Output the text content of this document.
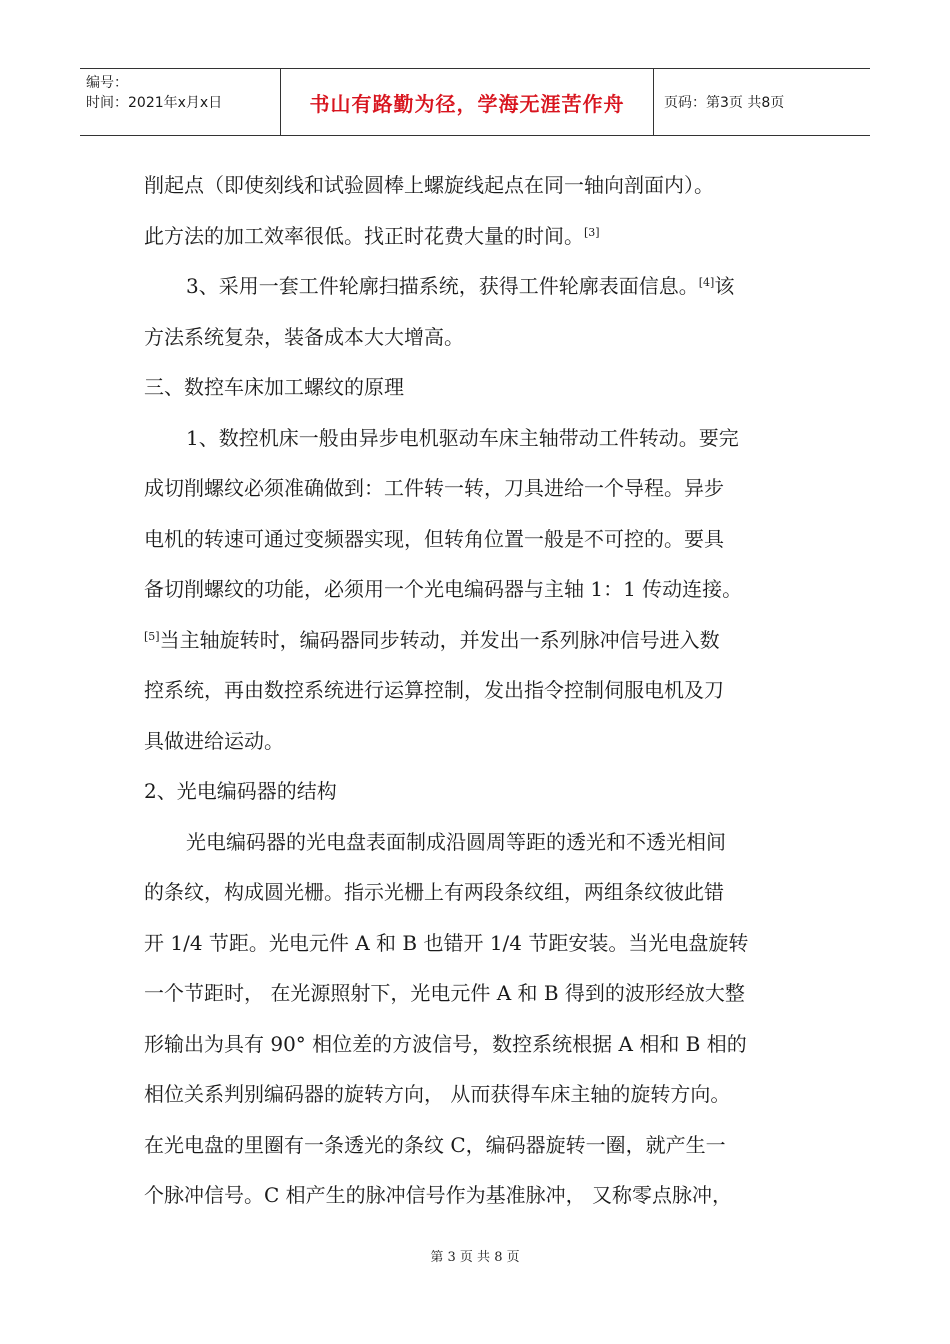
编号：
时间：2021年x月x日	书山有路勤为径，学海无涯苦作舟	页码：第3页 共8页
削起点（即使刻线和试验圆棒上螺旋线起点在同一轴向剖面内）。
此方法的加工效率很低。找正时花费大量的时间。[3]
3、采用一套工件轮廓扫描系统，获得工件轮廓表面信息。[4]该
方法系统复杂，装备成本大大增高。
三、数控车床加工螺纹的原理
1、数控机床一般由异步电机驱动车床主轴带动工件转动。要完
成切削螺纹必须准确做到：工件转一转，刀具进给一个导程。异步
电机的转速可通过变频器实现，但转角位置一般是不可控的。要具
备切削螺纹的功能，必须用一个光电编码器与主轴 1：1 传动连接。
[5]当主轴旋转时，编码器同步转动，并发出一系列脉冲信号进入数
控系统，再由数控系统进行运算控制，发出指令控制伺服电机及刀
具做进给运动。
2、光电编码器的结构
光电编码器的光电盘表面制成沿圆周等距的透光和不透光相间
的条纹，构成圆光栅。指示光栅上有两段条纹组，两组条纹彼此错
开 1/4 节距。光电元件 A 和 B 也错开 1/4 节距安装。当光电盘旋转
一个节距时， 在光源照射下，光电元件 A 和 B 得到的波形经放大整
形输出为具有 90° 相位差的方波信号，数控系统根据 A 相和 B 相的
相位关系判别编码器的旋转方向， 从而获得车床主轴的旋转方向。
在光电盘的里圈有一条透光的条纹 C，编码器旋转一圈，就产生一
个脉冲信号。C 相产生的脉冲信号作为基准脉冲， 又称零点脉冲，
第 3 页 共 8 页
